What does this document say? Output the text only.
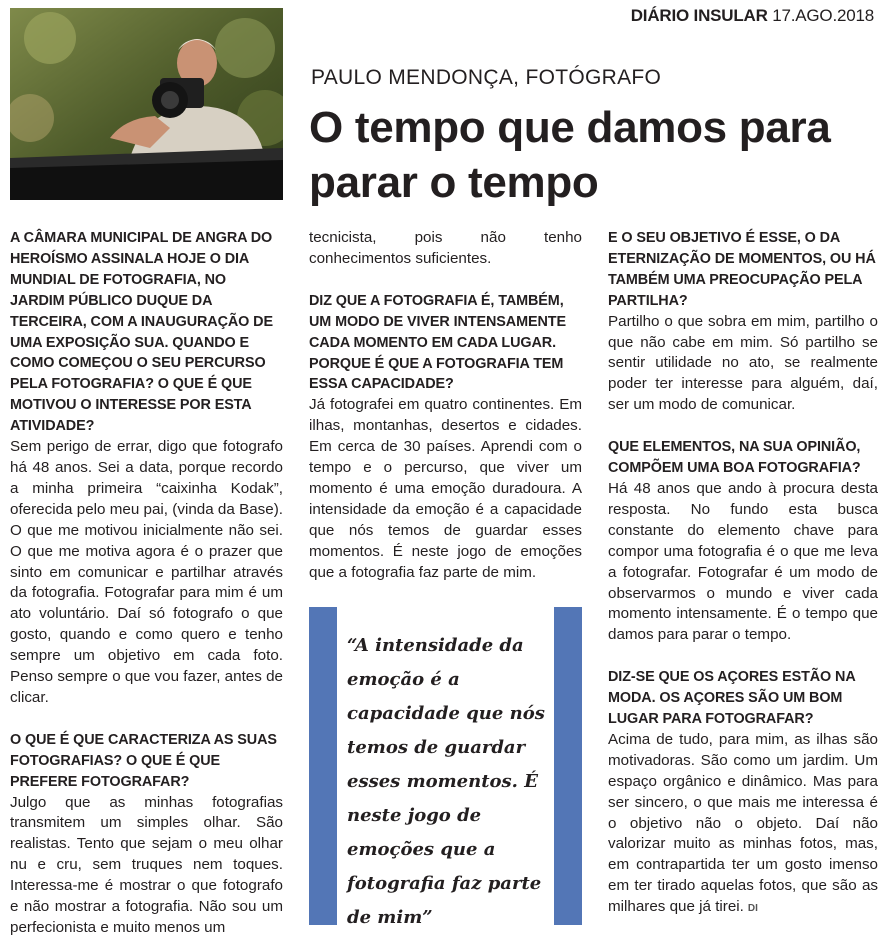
DIÁRIO INSULAR 17.AGO.2018
PAULO MENDONÇA, FOTÓGRAFO
O tempo que damos para parar o tempo

A CÂMARA MUNICIPAL DE ANGRA DO HEROÍSMO ASSINALA HOJE O DIA MUNDIAL DE FOTOGRAFIA, NO JARDIM PÚBLICO DUQUE DA TERCEIRA, COM A INAUGURAÇÃO DE UMA EXPOSIÇÃO SUA. QUANDO E COMO COMEÇOU O SEU PERCURSO PELA FOTOGRAFIA? O QUE É QUE MOTIVOU O INTERESSE POR ESTA ATIVIDADE?

Sem perigo de errar, digo que fotografo há 48 anos. Sei a data, porque recordo a minha primeira “caixinha Kodak”, oferecida pelo meu pai, (vinda da Base). O que me motivou inicialmente não sei. O que me motiva agora é o prazer que sinto em comunicar e partilhar através da fotografia. Fotografar para mim é um ato voluntário. Daí só fotografo o que gosto, quando e como quero e tenho sempre um objetivo em cada foto. Penso sempre o que vou fazer, antes de clicar.

O QUE É QUE CARACTERIZA AS SUAS FOTOGRAFIAS? O QUE É QUE PREFERE FOTOGRAFAR?

Julgo que as minhas fotografias transmitem um simples olhar. São realistas. Tento que sejam o meu olhar nu e cru, sem truques nem toques. Interessa-me é mostrar o que fotografo e não mostrar a fotografia. Não sou um perfecionista e muito menos um

tecnicista, pois não tenho conhecimentos suficientes.

DIZ QUE A FOTOGRAFIA É, TAMBÉM, UM MODO DE VIVER INTENSAMENTE CADA MOMENTO EM CADA LUGAR. PORQUE É QUE A FOTOGRAFIA TEM ESSA CAPACIDADE?

Já fotografei em quatro continentes. Em ilhas, montanhas, desertos e cidades. Em cerca de 30 países. Aprendi com o tempo e o percurso, que viver um momento é uma emoção duradoura. A intensidade da emoção é a capacidade que nós temos de guardar esses momentos. É neste jogo de emoções que a fotografia faz parte de mim.

“A intensidade da emoção é a capacidade que nós temos de guardar esses momentos. É neste jogo de emoções que a fotografia faz parte de mim”

E O SEU OBJETIVO É ESSE, O DA ETERNIZAÇÃO DE MOMENTOS, OU HÁ TAMBÉM UMA PREOCUPAÇÃO PELA PARTILHA?

Partilho o que sobra em mim, partilho o que não cabe em mim. Só partilho se sentir utilidade no ato, se realmente poder ter interesse para alguém, daí, ser um modo de comunicar.

QUE ELEMENTOS, NA SUA OPINIÃO, COMPÕEM UMA BOA FOTOGRAFIA?

Há 48 anos que ando à procura desta resposta. No fundo esta busca constante do elemento chave para compor uma fotografia é o que me leva a fotografar. Fotografar é um modo de observarmos o mundo e viver cada momento intensamente. É o tempo que damos para parar o tempo.

DIZ-SE QUE OS AÇORES ESTÃO NA MODA. OS AÇORES SÃO UM BOM LUGAR PARA FOTOGRAFAR?

Acima de tudo, para mim, as ilhas são motivadoras. São como um jardim. Um espaço orgânico e dinâmico. Mas para ser sincero, o que mais me interessa é o objetivo não o objeto. Daí não valorizar muito as minhas fotos, mas, em contrapartida ter um gosto imenso em ter tirado aquelas fotos, que são as milhares que já tirei. DI
